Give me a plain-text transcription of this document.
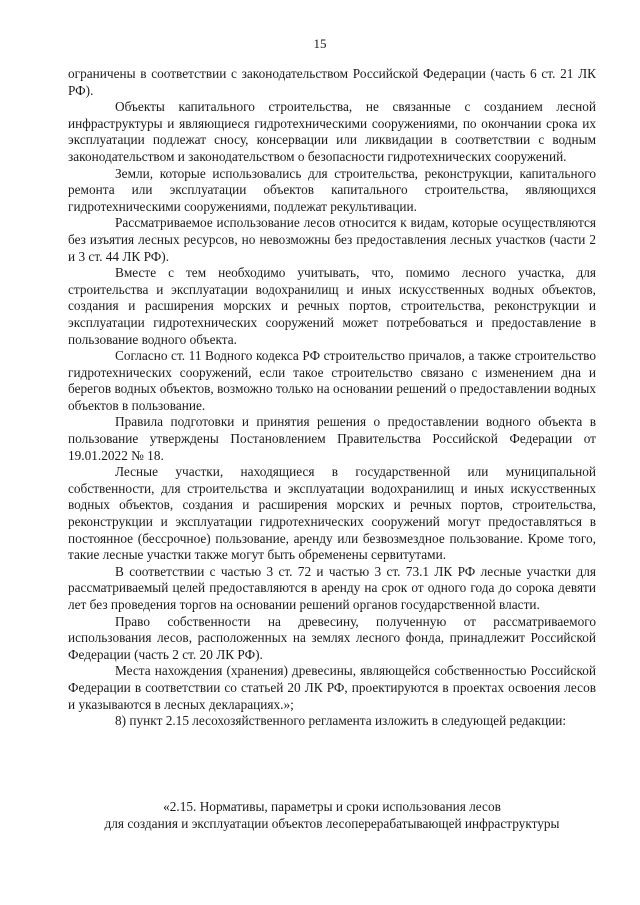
15

ограничены в соответствии с законодательством Российской Федерации (часть 6 ст. 21 ЛК РФ).

Объекты капитального строительства, не связанные с созданием лесной инфраструктуры и являющиеся гидротехническими сооружениями, по окончании срока их эксплуатации подлежат сносу, консервации или ликвидации в соответствии с водным законодательством и законодательством о безопасности гидротехнических сооружений.

Земли, которые использовались для строительства, реконструкции, капитального ремонта или эксплуатации объектов капитального строительства, являющихся гидротехническими сооружениями, подлежат рекультивации.

Рассматриваемое использование лесов относится к видам, которые осуществляются без изъятия лесных ресурсов, но невозможны без предоставления лесных участков (части 2 и 3 ст. 44 ЛК РФ).

Вместе с тем необходимо учитывать, что, помимо лесного участка, для строительства и эксплуатации водохранилищ и иных искусственных водных объектов, создания и расширения морских и речных портов, строительства, реконструкции и эксплуатации гидротехнических сооружений может потребоваться и предоставление в пользование водного объекта.

Согласно ст. 11 Водного кодекса РФ строительство причалов, а также строительство гидротехнических сооружений, если такое строительство связано с изменением дна и берегов водных объектов, возможно только на основании решений о предоставлении водных объектов в пользование.

Правила подготовки и принятия решения о предоставлении водного объекта в пользование утверждены Постановлением Правительства Российской Федерации от 19.01.2022 № 18.

Лесные участки, находящиеся в государственной или муниципальной собственности, для строительства и эксплуатации водохранилищ и иных искусственных водных объектов, создания и расширения морских и речных портов, строительства, реконструкции и эксплуатации гидротехнических сооружений могут предоставляться в постоянное (бессрочное) пользование, аренду или безвозмездное пользование. Кроме того, такие лесные участки также могут быть обременены сервитутами.

В соответствии с частью 3 ст. 72 и частью 3 ст. 73.1 ЛК РФ лесные участки для рассматриваемый целей предоставляются в аренду на срок от одного года до сорока девяти лет без проведения торгов на основании решений органов государственной власти.

Право собственности на древесину, полученную от рассматриваемого использования лесов, расположенных на землях лесного фонда, принадлежит Российской Федерации (часть 2 ст. 20 ЛК РФ).

Места нахождения (хранения) древесины, являющейся собственностью Российской Федерации в соответствии со статьей 20 ЛК РФ, проектируются в проектах освоения лесов и указываются в лесных декларациях.»;

8) пункт 2.15 лесохозяйственного регламента изложить в следующей редакции:

«2.15. Нормативы, параметры и сроки использования лесов
для создания и эксплуатации объектов лесоперерабатывающей инфраструктуры
